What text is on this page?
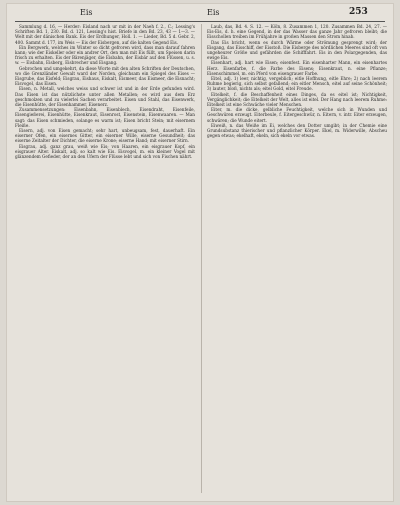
Eis	Eis	253

Sammlung d. 16, — Herder: Eisland nach ur mit in der Naeh f. 2., C.; Lessing's Schriften Bd. 1, 230. Bd. d. 121, Lessing's hist. Briefe in den Bd. 23, 43 — 1—3. — Welt mit der dänischen Bank. Eis der Erdhunger, Holl. 1. — Lieder, Bd. 5 d. Gebr. 2, 400. Sammt d. 177, im Weis — Eis der Eisbergen, auf die kalten Gegend Eis.

Ein Bergwerk, welches im Winter so dicht gefroren wird, dass man darauf fahren kann; wie der Eiskeller oder ein andrer Ort, den man mit Eis füllt, um Speisen darin frisch zu erhalten. Eis der Bärenjäger, die Eisbahn, der Eisbär auf den Flüssen, u. s. w. — Eisbahn, Eisberg, Eisbrecher und Eisgang.

Gebrochen und umgekehrt, da diese Worte mit den alten Schriften der Deutschen, wo die Grenzländer Gewalt ward der Norden, gleichsam ein Spiegel des Eises — Eisgrube, das Eisfeld; Eisgrau, Eishaus, Eiskalt, Eismeer, das Eismeer, die Eisnacht; Eisvogel, das Eisen.

Eisen, n. Metall, welches weiss und schwer ist und in der Erde gefunden wird. Das Eisen ist das nützlichste unter allen Metallen; es wird aus dem Erz geschmolzen und zu vielerlei Sachen verarbeitet. Eisen und Stahl, das Eisenwerk, die Eisenhütte, der Eisenhammer, Eisenerz.

Zusammensetzungen: Eisenbahn, Eisenblech, Eisendraht, Eisenfeile, Eisengießerei, Eisenhütte, Eisenkraut, Eisenrost, Eisenstein, Eisenwaaren. — Man sagt: das Eisen schmieden, solange es warm ist; Eisen bricht Stein; mit eisernem Fleiße.

Eisern, adj. von Eisen gemacht; sehr hart, unbeugsam, fest, dauerhaft. Ein eiserner Ofen, ein eisernes Gitter, ein eiserner Wille, eiserne Gesundheit; das eiserne Zeitalter der Dichter, die eiserne Krone; eiserne Hand; mit eiserner Stirn.

Eisgrau, adj. ganz grau, weiß wie Eis; von Haaren, ein eisgrauer Kopf, ein eisgrauer Alter. Eiskalt, adj. so kalt wie Eis. Eisvogel, m. ein kleiner Vogel mit glänzendem Gefieder, der an den Ufern der Flüsse lebt und sich von Fischen nährt.

Laub, das, Bd. 4. S. 12. — Köln, 8. Zusammen 1, 120. Zusammen Bd. 24, 27. — Eis-Eis, d. h. eine Gegend, in der das Wasser das ganze Jahr gefroren bleibt; die Eisschollen treiben im Frühjahre in großen Massen den Strom hinab.

Das Eis bricht, wenn es durch Wärme oder Strömung gesprengt wird; der Eisgang, das Eisschiff, der Eisstoß. Die Eisberge des nördlichen Meeres sind oft von ungeheurer Größe und gefährden die Schifffahrt. Eis in den Polargegenden, das ewige Eis.

Eisenhart, adj. hart wie Eisen; eisenfest. Ein eisenharter Mann, ein eisenhartes Herz. Eisenfarbe, f. die Farbe des Eisens; Eisenkraut, n. eine Pflanze; Eisenschimmel, m. ein Pferd von eisengrauer Farbe.

Eitel, adj. 1) leer, nichtig, vergeblich; eitle Hoffnung, eitle Ehre; 2) nach leerem Ruhme begierig, sich selbst gefallend; ein eitler Mensch, eitel auf seine Schönheit; 3) lauter, bloß, nichts als; eitel Gold, eitel Freude.

Eitelkeit, f. die Beschaffenheit eines Dinges, da es eitel ist; Nichtigkeit, Vergänglichkeit; die Eitelkeit der Welt, alles ist eitel. Der Hang nach leerem Ruhme: Eitelkeit ist eine Schwäche vieler Menschen.

Eiter, m. die dicke, gelbliche Feuchtigkeit, welche sich in Wunden und Geschwüren erzeugt. Eiterbeule, f. Eitergeschwür, n. Eitern, v. intr. Eiter erzeugen, schwären; die Wunde eitert.

Eiweiß, n. das Weiße im Ei, welches den Dotter umgibt; in der Chemie eine Grundsubstanz thierischer und pflanzlicher Körper. Ekel, m. Widerwille, Abscheu gegen etwas; ekelhaft, ekeln, sich ekeln vor etwas.
